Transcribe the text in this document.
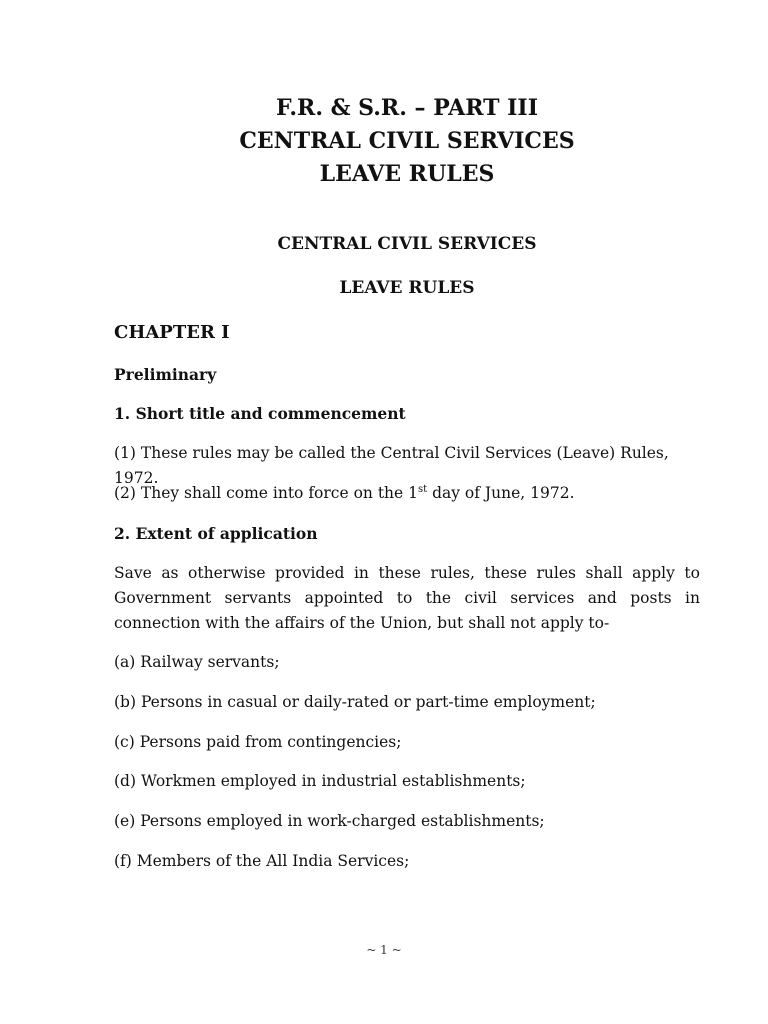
F.R. & S.R. – PART III
CENTRAL CIVIL SERVICES
LEAVE RULES
CENTRAL CIVIL SERVICES
LEAVE RULES
CHAPTER I
Preliminary
1. Short title and commencement
(1) These rules may be called the Central Civil Services (Leave) Rules, 1972.
(2) They shall come into force on the 1st day of June, 1972.
2. Extent of application
Save as otherwise provided in these rules, these rules shall apply to Government servants appointed to the civil services and posts in connection with the affairs of the Union, but shall not apply to-
(a) Railway servants;
(b) Persons in casual or daily-rated or part-time employment;
(c) Persons paid from contingencies;
(d) Workmen employed in industrial establishments;
(e) Persons employed in work-charged establishments;
(f) Members of the All India Services;
~ 1 ~
